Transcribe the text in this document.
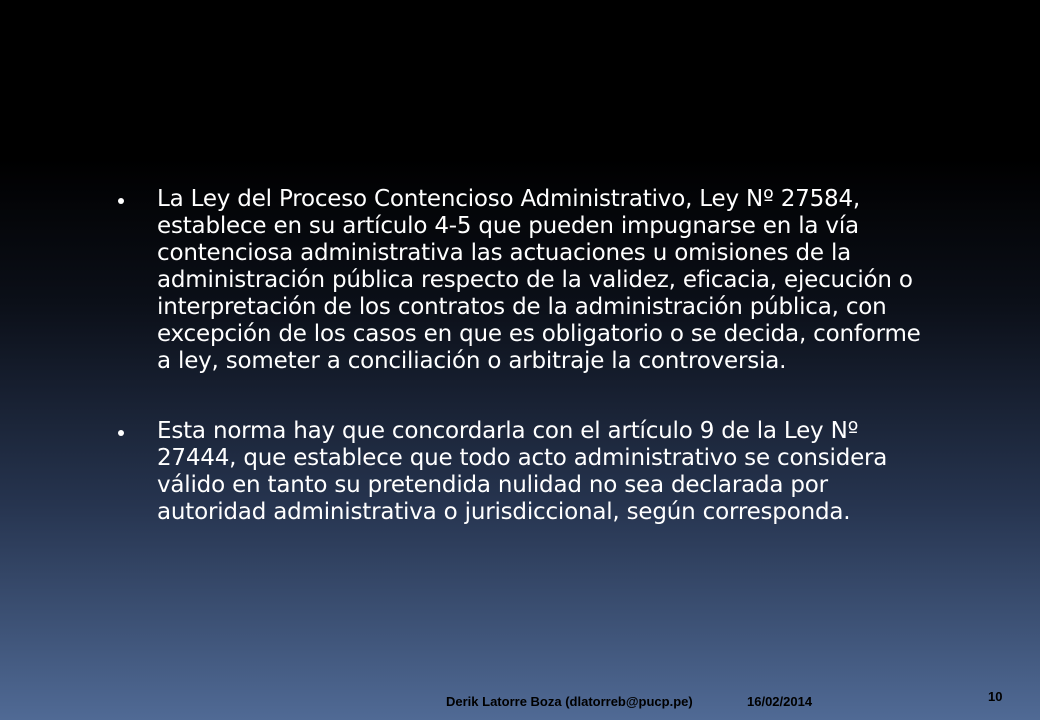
La Ley del Proceso Contencioso Administrativo, Ley Nº 27584, establece en su artículo 4-5 que pueden impugnarse en la vía contenciosa administrativa las actuaciones u omisiones de la administración pública respecto de la validez, eficacia, ejecución o interpretación de los contratos de la administración pública, con excepción de los casos en que es obligatorio o se decida, conforme a ley, someter a conciliación o arbitraje la controversia.
Esta norma hay que concordarla con el artículo 9 de la Ley Nº 27444, que establece que todo acto administrativo se considera válido en tanto su pretendida nulidad no sea declarada por autoridad administrativa o jurisdiccional, según corresponda.
Derik Latorre Boza (dlatorreb@pucp.pe)	16/02/2014	10
